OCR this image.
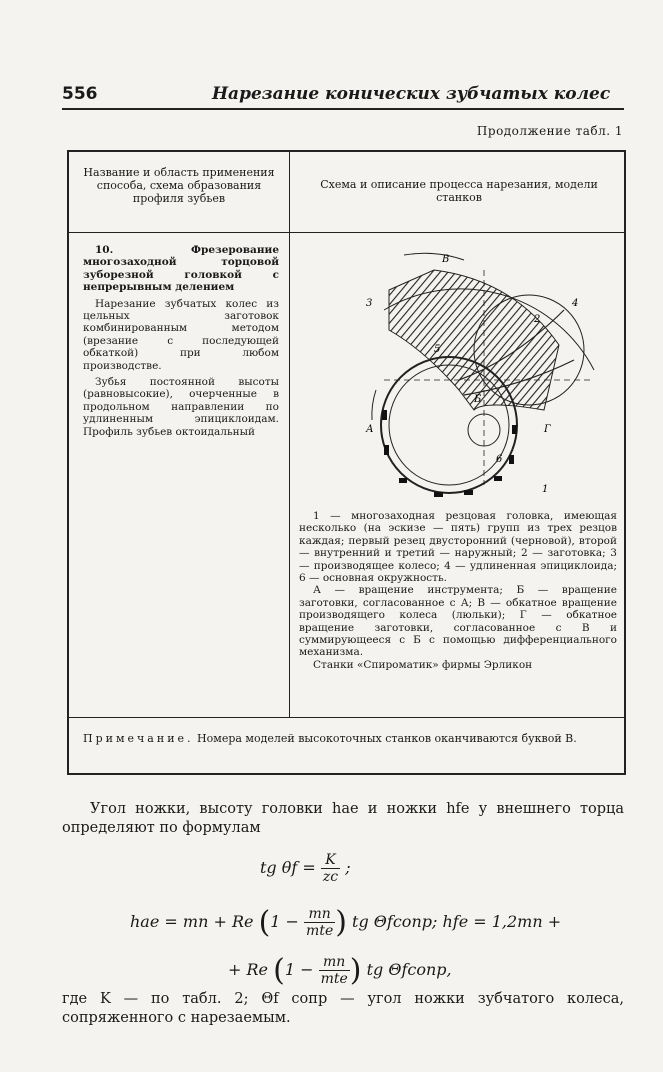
556	Нарезание конических зубчатых колес
Продолжение табл. 1
Название и область применения способа, схема образования профиля зубьев
Схема и описание процесса нарезания, модели станков

10. Фрезерование многозаходной торцовой зуборезной головкой с непрерывным делением

Нарезание зубчатых колес из цельных заготовок комбинированным методом (врезание с последующей обкаткой) при любом производстве.

Зубья постоянной высоты (равновысокие), очерченные в продольном направлении по удлиненным эпициклоидам. Профиль зубьев октоидальный

В
3	4
2
5
Б
А	Г
6
1

1 — многозаходная резцовая головка, имеющая несколько (на эскизе — пять) групп из трех резцов каждая; первый резец двусторонний (черновой), второй — внутренний и третий — наружный; 2 — заготовка; 3 — производящее колесо; 4 — удлиненная эпициклоида; 6 — основная окружность.

А — вращение инструмента; Б — вращение заготовки, согласованное с А; В — обкатное вращение производящего колеса (люльки); Г — обкатное вращение заготовки, согласованное с В и суммирующееся с Б с помощью дифференциального механизма.

Станки «Спироматик» фирмы Эрликон

Примечание. Номера моделей высокоточных станков оканчиваются буквой В.

Угол ножки, высоту головки hae и ножки hfe у внешнего торца определяют по формулам

tg $\theta f = \frac{K}{zc}$ ;
hae = mn + Re ($1 - \frac{mn}{\text{mte}}$ ) tg Θfсопр; hfe = 1,2mn +
+ Re ($1 - \frac{mn}{\text{mte}}$ ) tg Θfсопр,

где K — по табл. 2; Θf сопр — угол ножки зубчатого колеса, сопряженного с нарезаемым.
